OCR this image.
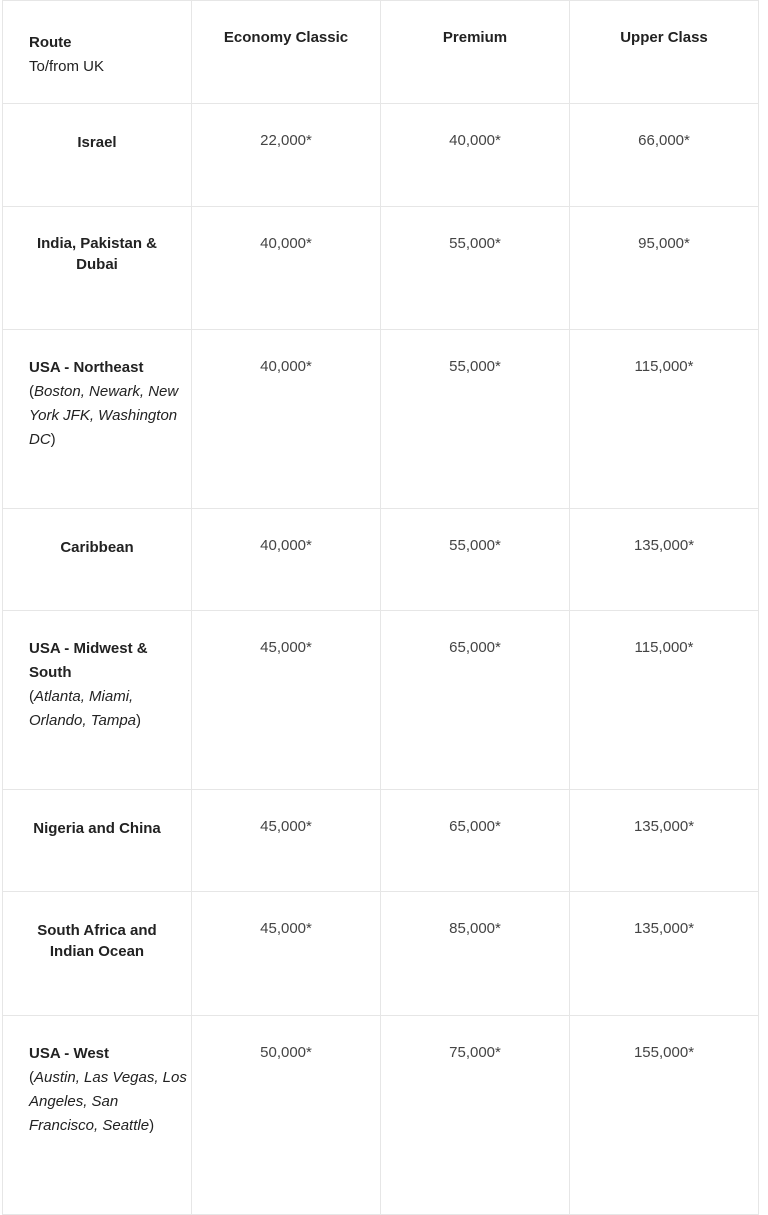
Route
To/from UK	Economy Classic	Premium	Upper Class
Israel	22,000*	40,000*	66,000*
India, Pakistan & Dubai	40,000*	55,000*	95,000*
USA - Northeast
(Boston, Newark, New York JFK, Washington DC)	40,000*	55,000*	115,000*
Caribbean	40,000*	55,000*	135,000*
USA - Midwest & South
(Atlanta, Miami, Orlando, Tampa)	45,000*	65,000*	115,000*
Nigeria and China	45,000*	65,000*	135,000*
South Africa and Indian Ocean	45,000*	85,000*	135,000*
USA - West
(Austin, Las Vegas, Los Angeles, San Francisco, Seattle)	50,000*	75,000*	155,000*
